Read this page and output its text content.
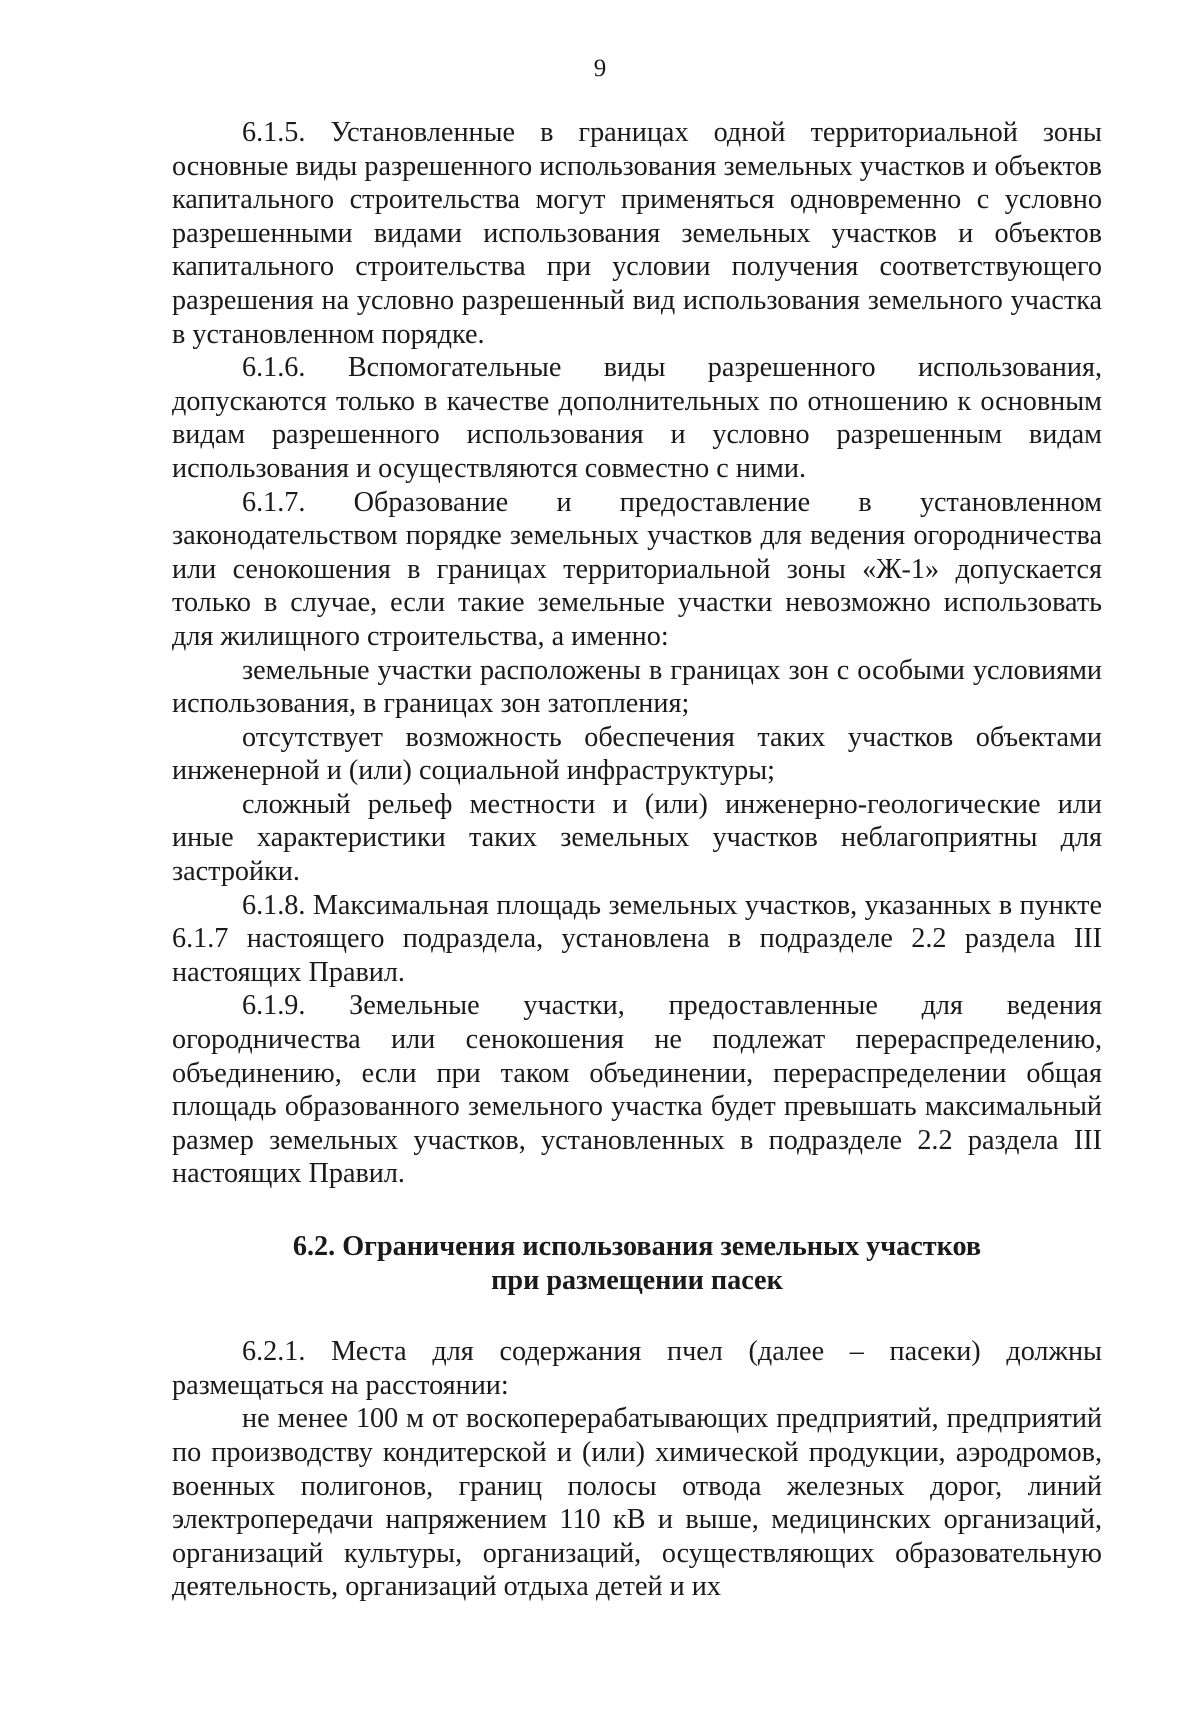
9

6.1.5. Установленные в границах одной территориальной зоны основные виды разрешенного использования земельных участков и объектов капитального строительства могут применяться одновременно с условно разрешенными видами использования земельных участков и объектов капитального строительства при условии получения соответствующего разрешения на условно разрешенный вид использования земельного участка в установленном порядке.

6.1.6. Вспомогательные виды разрешенного использования, допускаются только в качестве дополнительных по отношению к основным видам разрешенного использования и условно разрешенным видам использования и осуществляются совместно с ними.

6.1.7. Образование и предоставление в установленном законодательством порядке земельных участков для ведения огородничества или сенокошения в границах территориальной зоны «Ж-1» допускается только в случае, если такие земельные участки невозможно использовать для жилищного строительства, а именно:

земельные участки расположены в границах зон с особыми условиями использования, в границах зон затопления;

отсутствует возможность обеспечения таких участков объектами инженерной и (или) социальной инфраструктуры;

сложный рельеф местности и (или) инженерно-геологические или иные характеристики таких земельных участков неблагоприятны для застройки.

6.1.8. Максимальная площадь земельных участков, указанных в пункте 6.1.7 настоящего подраздела, установлена в подразделе 2.2 раздела III настоящих Правил.

6.1.9. Земельные участки, предоставленные для ведения огородничества или сенокошения не подлежат перераспределению, объединению, если при таком объединении, перераспределении общая площадь образованного земельного участка будет превышать максимальный размер земельных участков, установленных в подразделе 2.2 раздела III настоящих Правил.

6.2. Ограничения использования земельных участков
при размещении пасек

6.2.1. Места для содержания пчел (далее – пасеки) должны размещаться на расстоянии:

не менее 100 м от воскоперерабатывающих предприятий, предприятий по производству кондитерской и (или) химической продукции, аэродромов, военных полигонов, границ полосы отвода железных дорог, линий электропередачи напряжением 110 кВ и выше, медицинских организаций, организаций культуры, организаций, осуществляющих образовательную деятельность, организаций отдыха детей и их
